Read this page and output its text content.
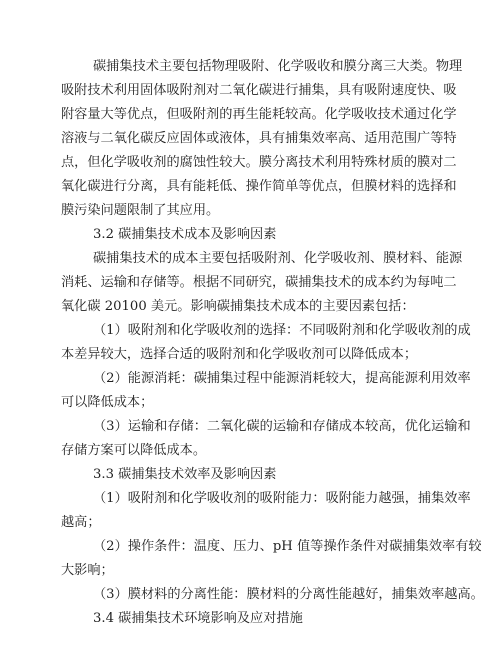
碳捕集技术主要包括物理吸附、化学吸收和膜分离三大类。物理
吸附技术利用固体吸附剂对二氧化碳进行捕集，具有吸附速度快、吸
附容量大等优点，但吸附剂的再生能耗较高。化学吸收技术通过化学
溶液与二氧化碳反应固体或液体，具有捕集效率高、适用范围广等特
点，但化学吸收剂的腐蚀性较大。膜分离技术利用特殊材质的膜对二
氧化碳进行分离，具有能耗低、操作简单等优点，但膜材料的选择和
膜污染问题限制了其应用。
3.2 碳捕集技术成本及影响因素
碳捕集技术的成本主要包括吸附剂、化学吸收剂、膜材料、能源
消耗、运输和存储等。根据不同研究，碳捕集技术的成本约为每吨二
氧化碳 20100 美元。影响碳捕集技术成本的主要因素包括：
（1）吸附剂和化学吸收剂的选择：不同吸附剂和化学吸收剂的成
本差异较大，选择合适的吸附剂和化学吸收剂可以降低成本；
（2）能源消耗：碳捕集过程中能源消耗较大，提高能源利用效率
可以降低成本；
（3）运输和存储：二氧化碳的运输和存储成本较高，优化运输和
存储方案可以降低成本。
3.3 碳捕集技术效率及影响因素
（1）吸附剂和化学吸收剂的吸附能力：吸附能力越强，捕集效率
越高；
（2）操作条件：温度、压力、pH 值等操作条件对碳捕集效率有较
大影响；
（3）膜材料的分离性能：膜材料的分离性能越好，捕集效率越高。
3.4 碳捕集技术环境影响及应对措施
